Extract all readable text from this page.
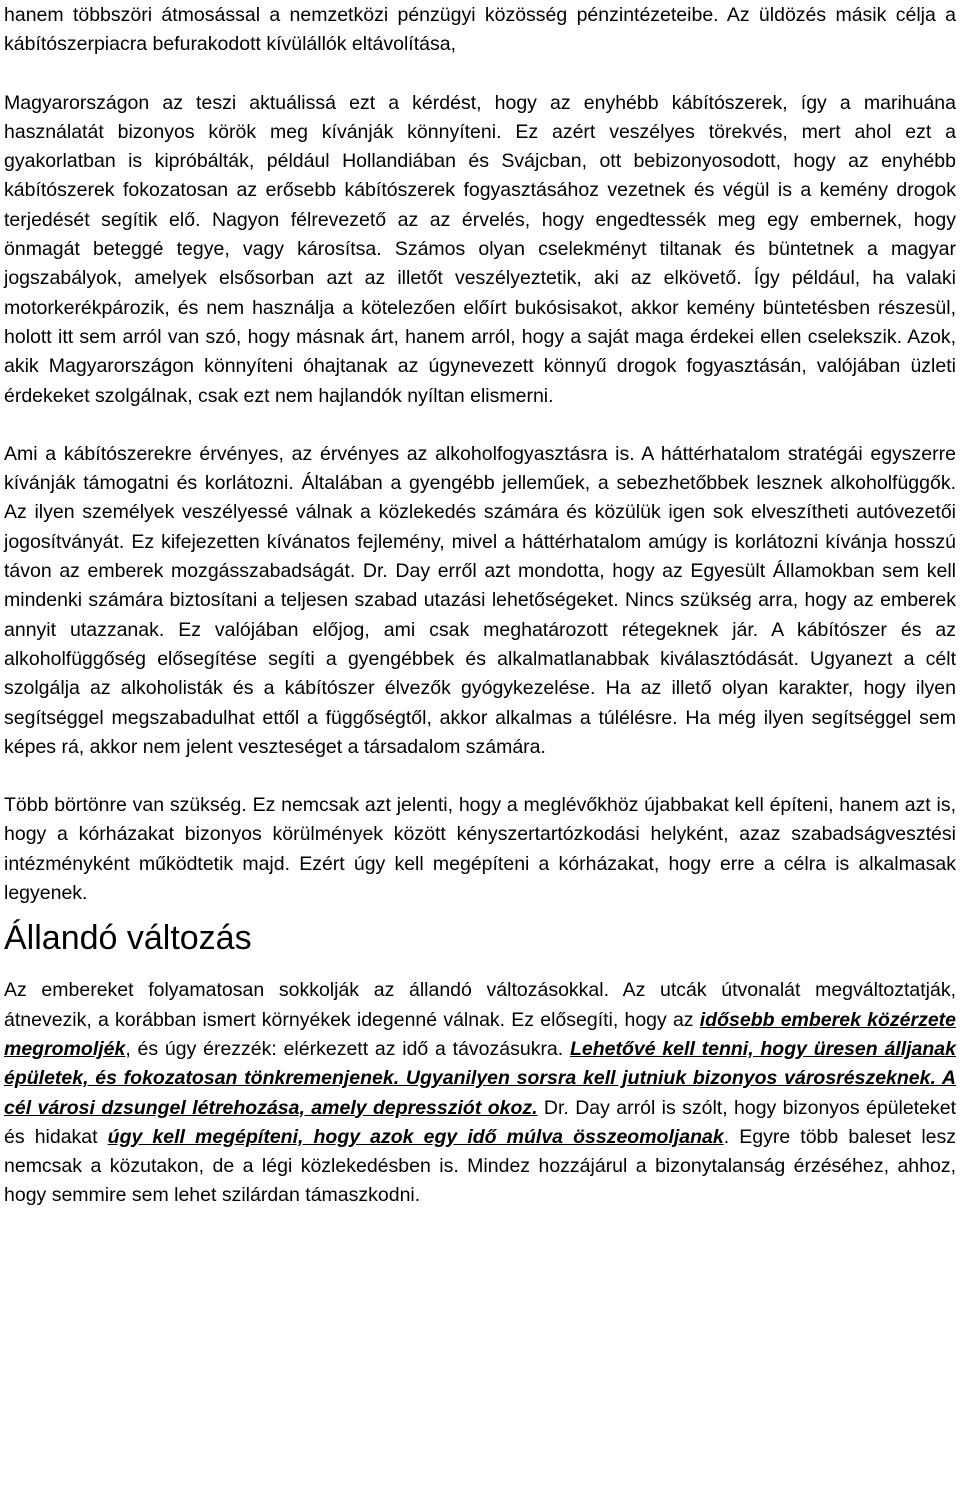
hanem többszöri átmosással a nemzetközi pénzügyi közösség pénzintézeteibe. Az üldözés másik célja a kábítószerpiacra befurakodott kívülállók eltávolítása,

Magyarországon az teszi aktuálissá ezt a kérdést, hogy az enyhébb kábítószerek, így a marihuána használatát bizonyos körök meg kívánják könnyíteni. Ez azért veszélyes törekvés, mert ahol ezt a gyakorlatban is kipróbálták, például Hollandiában és Svájcban, ott bebizonyosodott, hogy az enyhébb kábítószerek fokozatosan az erősebb kábítószerek fogyasztásához vezetnek és végül is a kemény drogok terjedését segítik elő. Nagyon félrevezető az az érvelés, hogy engedtessék meg egy embernek, hogy önmagát beteggé tegye, vagy károsítsa. Számos olyan cselekményt tiltanak és büntetnek a magyar jogszabályok, amelyek elsősorban azt az illetőt veszélyeztetik, aki az elkövető. Így például, ha valaki motorkerékpározik, és nem használja a kötelezően előírt bukósisakot, akkor kemény büntetésben részesül, holott itt sem arról van szó, hogy másnak árt, hanem arról, hogy a saját maga érdekei ellen cselekszik. Azok, akik Magyarországon könnyíteni óhajtanak az úgynevezett könnyű drogok fogyasztásán, valójában üzleti érdekeket szolgálnak, csak ezt nem hajlandók nyíltan elismerni.

Ami a kábítószerekre érvényes, az érvényes az alkoholfogyasztásra is. A háttérhatalom stratégái egyszerre kívánják támogatni és korlátozni. Általában a gyengébb jelleműek, a sebezhetőbbek lesznek alkoholfüggők. Az ilyen személyek veszélyessé válnak a közlekedés számára és közülük igen sok elveszítheti autóvezetői jogosítványát. Ez kifejezetten kívánatos fejlemény, mivel a háttérhatalom amúgy is korlátozni kívánja hosszú távon az emberek mozgásszabadságát. Dr. Day erről azt mondotta, hogy az Egyesült Államokban sem kell mindenki számára biztosítani a teljesen szabad utazási lehetőségeket. Nincs szükség arra, hogy az emberek annyit utazzanak. Ez valójában előjog, ami csak meghatározott rétegeknek jár. A kábítószer és az alkoholfüggőség elősegítése segíti a gyengébbek és alkalmatlanabbak kiválasztódását. Ugyanezt a célt szolgálja az alkoholisták és a kábítószer élvezők gyógykezelése. Ha az illető olyan karakter, hogy ilyen segítséggel megszabadulhat ettől a függőségtől, akkor alkalmas a túlélésre. Ha még ilyen segítséggel sem képes rá, akkor nem jelent veszteséget a társadalom számára.

Több börtönre van szükség. Ez nemcsak azt jelenti, hogy a meglévőkhöz újabbakat kell építeni, hanem azt is, hogy a kórházakat bizonyos körülmények között kényszertartózkodási helyként, azaz szabadságvesztési intézményként működtetik majd. Ezért úgy kell megépíteni a kórházakat, hogy erre a célra is alkalmasak legyenek.

Állandó változás

Az embereket folyamatosan sokkolják az állandó változásokkal. Az utcák útvonalát megváltoztatják, átnevezik, a korábban ismert környékek idegenné válnak. Ez elősegíti, hogy az idősebb emberek közérzete megromoljék, és úgy érezzék: elérkezett az idő a távozásukra. Lehetővé kell tenni, hogy üresen álljanak épületek, és fokozatosan tönkremenjenek. Ugyanilyen sorsra kell jutniuk bizonyos városrészeknek. A cél városi dzsungel létrehozása, amely depressziót okoz. Dr. Day arról is szólt, hogy bizonyos épületeket és hidakat úgy kell megépíteni, hogy azok egy idő múlva összeomoljanak. Egyre több baleset lesz nemcsak a közutakon, de a légi közlekedésben is. Mindez hozzájárul a bizonytalanság érzéséhez, ahhoz, hogy semmire sem lehet szilárdan támaszkodni.
